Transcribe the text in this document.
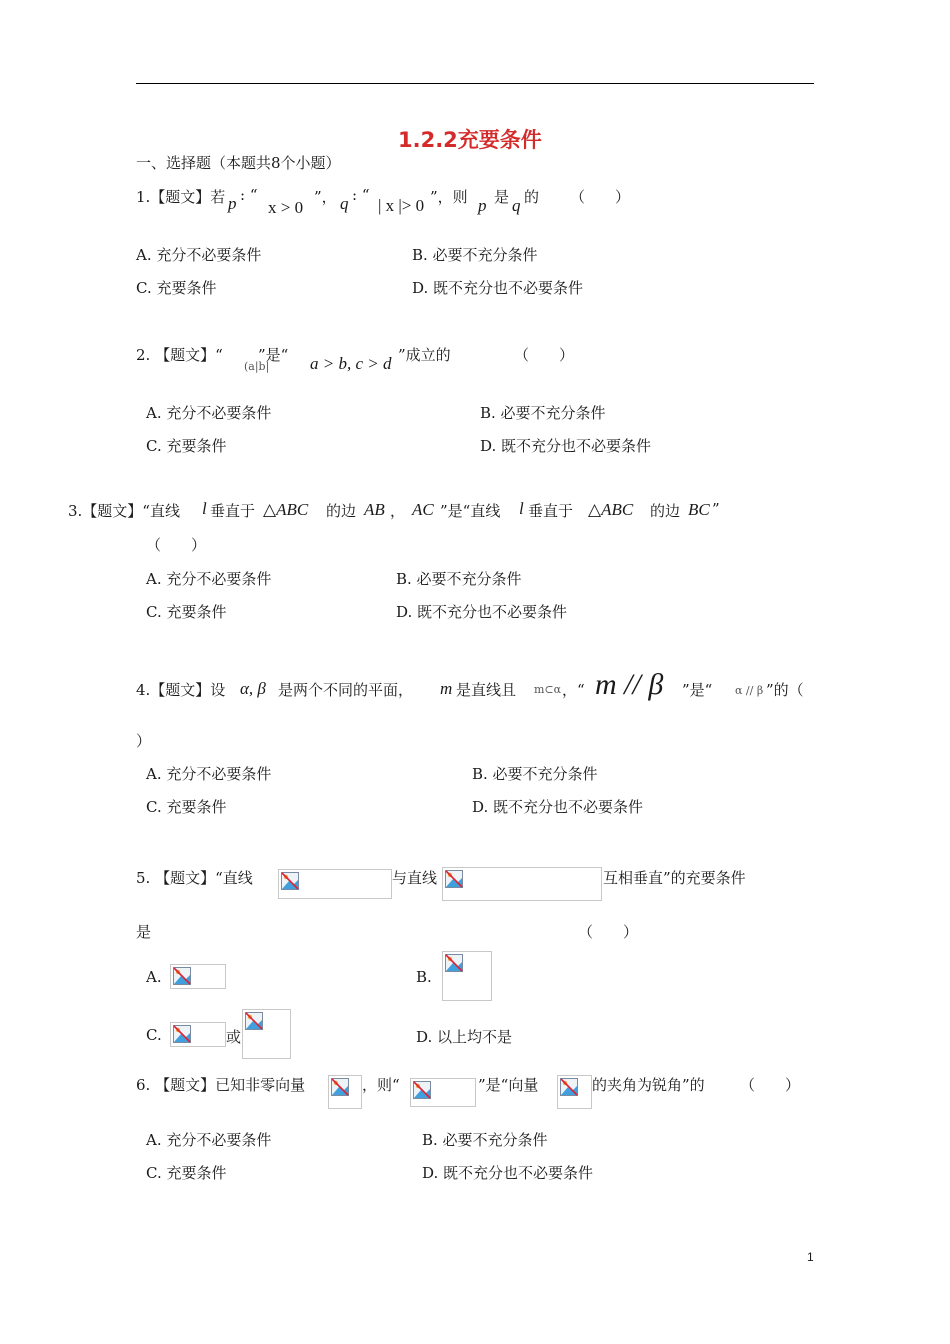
1.2.2充要条件
一、选择题（本题共8个小题）
1.【题文】若 p : “
x > 0
”， q : “
| x |> 0 ”，则 p 是 q 的 （　　）
A. 充分不必要条件	B. 必要不充分条件
C. 充要条件	D. 既不充分也不必要条件
2. 【题文】“
(a|b|
”是“ a > b, c > d ”成立的	（　　）
A. 充分不必要条件	B. 必要不充分条件
C. 充要条件	D. 既不充分也不必要条件
3.【题文】“直线 l 垂直于 △ABC 的边 AB ， AC ”是“直线 l 垂直于 △ABC 的边 BC ”
（　　）
A. 充分不必要条件	B. 必要不充分条件
C. 充要条件	D. 既不充分也不必要条件
4.【题文】设 α, β 是两个不同的平面， m 是直线且 m⊂α ，“ m // β ”是“ α // β ”的（
）
A. 充分不必要条件	B. 必要不充分条件
C. 充要条件	D. 既不充分也不必要条件
5. 【题文】“直线	与直线	互相垂直”的充要条件
是	（　　）
A.	B.
C.	或	D. 以上均不是
6. 【题文】已知非零向量	，则“	”是“向量	的夹角为锐角”的 （　　）
A. 充分不必要条件	B. 必要不充分条件
C. 充要条件	D. 既不充分也不必要条件
1
